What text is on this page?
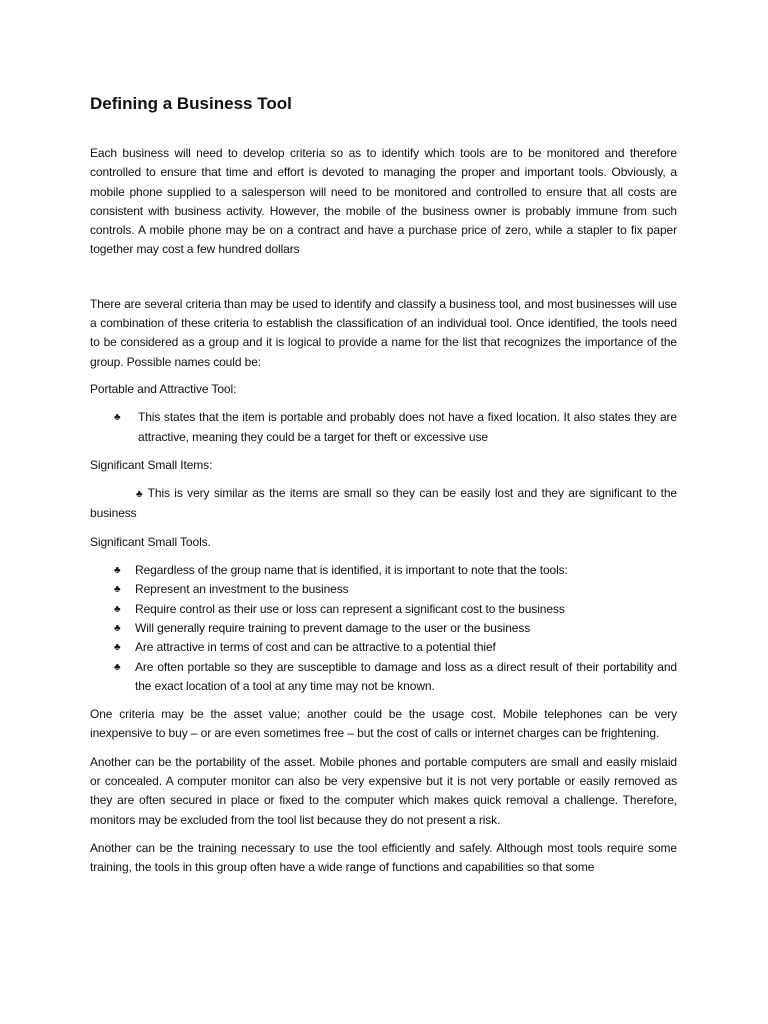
Defining a Business Tool

Each business will need to develop criteria so as to identify which tools are to be monitored and therefore controlled to ensure that time and effort is devoted to managing the proper and important tools. Obviously, a mobile phone supplied to a salesperson will need to be monitored and controlled to ensure that all costs are consistent with business activity. However, the mobile of the business owner is probably immune from such controls. A mobile phone may be on a contract and have a purchase price of zero, while a stapler to fix paper together may cost a few hundred dollars

There are several criteria than may be used to identify and classify a business tool, and most businesses will use a combination of these criteria to establish the classification of an individual tool. Once identified, the tools need to be considered as a group and it is logical to provide a name for the list that recognizes the importance of the group. Possible names could be:

Portable and Attractive Tool:
♣ This states that the item is portable and probably does not have a fixed location. It also states they are attractive, meaning they could be a target for theft or excessive use
Significant Small Items:

♣ This is very similar as the items are small so they can be easily lost and they are significant to the business

Significant Small Tools.
♣ Regardless of the group name that is identified, it is important to note that the tools:
♣ Represent an investment to the business
♣ Require control as their use or loss can represent a significant cost to the business
♣ Will generally require training to prevent damage to the user or the business
♣ Are attractive in terms of cost and can be attractive to a potential thief
♣ Are often portable so they are susceptible to damage and loss as a direct result of their portability and the exact location of a tool at any time may not be known.

One criteria may be the asset value; another could be the usage cost. Mobile telephones can be very inexpensive to buy – or are even sometimes free – but the cost of calls or internet charges can be frightening.

Another can be the portability of the asset. Mobile phones and portable computers are small and easily mislaid or concealed. A computer monitor can also be very expensive but it is not very portable or easily removed as they are often secured in place or fixed to the computer which makes quick removal a challenge. Therefore, monitors may be excluded from the tool list because they do not present a risk.

Another can be the training necessary to use the tool efficiently and safely. Although most tools require some training, the tools in this group often have a wide range of functions and capabilities so that some
